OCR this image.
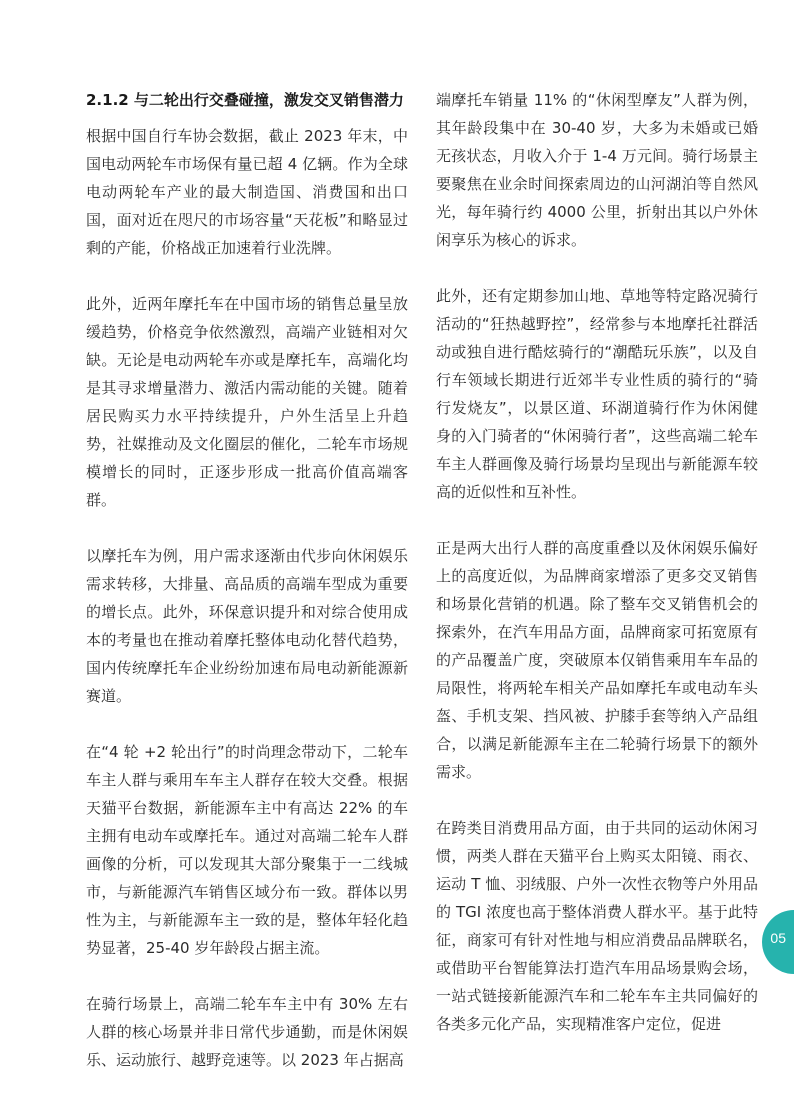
2.1.2 与二轮出行交叠碰撞，激发交叉销售潜力
根据中国自行车协会数据，截止 2023 年末，中国电动两轮车市场保有量已超 4 亿辆。作为全球电动两轮车产业的最大制造国、消费国和出口国，面对近在咫尺的市场容量“天花板”和略显过剩的产能，价格战正加速着行业洗牌。
此外，近两年摩托车在中国市场的销售总量呈放缓趋势，价格竞争依然激烈，高端产业链相对欠缺。无论是电动两轮车亦或是摩托车，高端化均是其寻求增量潜力、激活内需动能的关键。随着居民购买力水平持续提升，户外生活呈上升趋势，社媒推动及文化圈层的催化，二轮车市场规模增长的同时，正逐步形成一批高价值高端客群。
以摩托车为例，用户需求逐渐由代步向休闲娱乐需求转移，大排量、高品质的高端车型成为重要的增长点。此外，环保意识提升和对综合使用成本的考量也在推动着摩托整体电动化替代趋势，国内传统摩托车企业纷纷加速布局电动新能源新赛道。
在“4 轮 +2 轮出行”的时尚理念带动下，二轮车车主人群与乘用车车主人群存在较大交叠。根据天猫平台数据，新能源车主中有高达 22% 的车主拥有电动车或摩托车。通过对高端二轮车人群画像的分析，可以发现其大部分聚集于一二线城市，与新能源汽车销售区域分布一致。群体以男性为主，与新能源车主一致的是，整体年轻化趋势显著，25-40 岁年龄段占据主流。
在骑行场景上，高端二轮车车主中有 30% 左右人群的核心场景并非日常代步通勤，而是休闲娱乐、运动旅行、越野竞速等。以 2023 年占据高
端摩托车销量 11% 的“休闲型摩友”人群为例，其年龄段集中在 30-40 岁，大多为未婚或已婚无孩状态，月收入介于 1-4 万元间。骑行场景主要聚焦在业余时间探索周边的山河湖泊等自然风光，每年骑行约 4000 公里，折射出其以户外休闲享乐为核心的诉求。
此外，还有定期参加山地、草地等特定路况骑行活动的“狂热越野控”，经常参与本地摩托社群活动或独自进行酷炫骑行的“潮酷玩乐族”，以及自行车领域长期进行近郊半专业性质的骑行的“骑行发烧友”，以景区道、环湖道骑行作为休闲健身的入门骑者的“休闲骑行者”，这些高端二轮车车主人群画像及骑行场景均呈现出与新能源车较高的近似性和互补性。
正是两大出行人群的高度重叠以及休闲娱乐偏好上的高度近似，为品牌商家增添了更多交叉销售和场景化营销的机遇。除了整车交叉销售机会的探索外，在汽车用品方面，品牌商家可拓宽原有的产品覆盖广度，突破原本仅销售乘用车车品的局限性，将两轮车相关产品如摩托车或电动车头盔、手机支架、挡风被、护膝手套等纳入产品组合，以满足新能源车主在二轮骑行场景下的额外需求。
在跨类目消费用品方面，由于共同的运动休闲习惯，两类人群在天猫平台上购买太阳镜、雨衣、运动 T 恤、羽绒服、户外一次性衣物等户外用品的 TGI 浓度也高于整体消费人群水平。基于此特征，商家可有针对性地与相应消费品品牌联名，或借助平台智能算法打造汽车用品场景购会场，一站式链接新能源汽车和二轮车车主共同偏好的各类多元化产品，实现精准客户定位，促进
05
